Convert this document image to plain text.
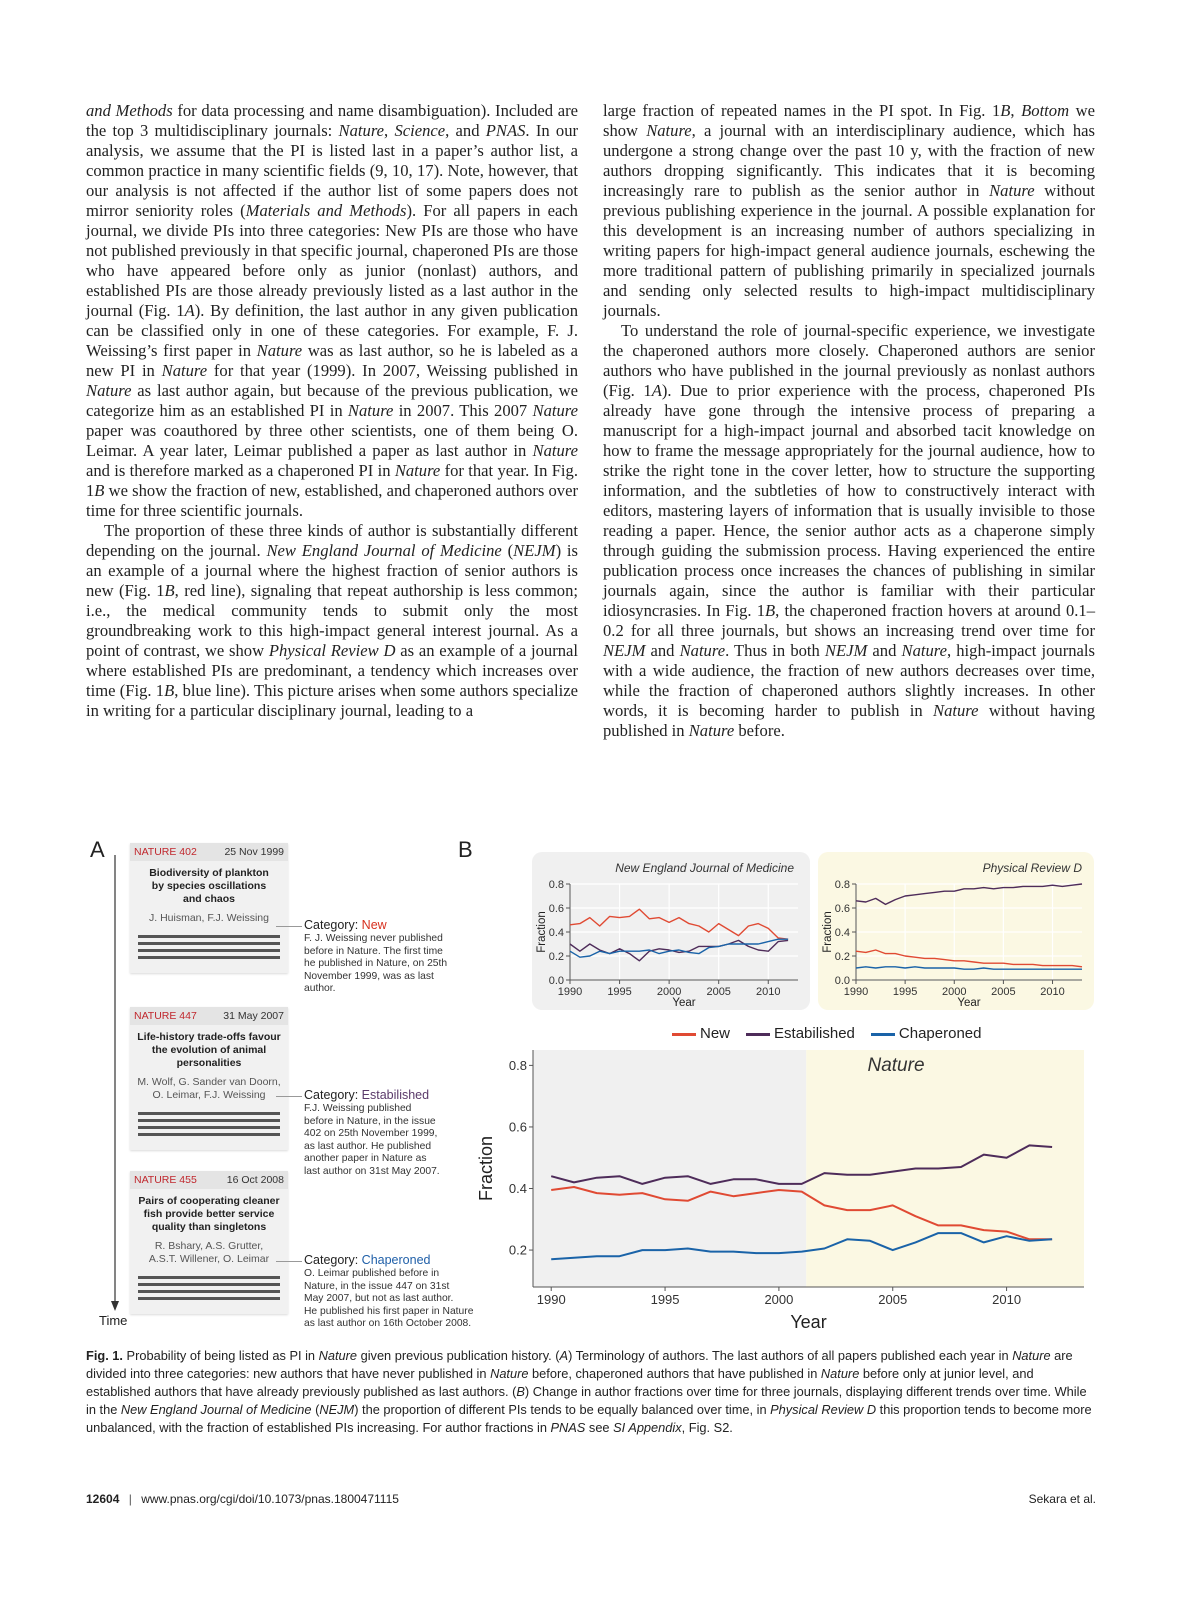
and Methods for data processing and name disambiguation). Included are the top 3 multidisciplinary journals: Nature, Science, and PNAS. In our analysis, we assume that the PI is listed last in a paper’s author list, a common practice in many scientific fields (9, 10, 17). Note, however, that our analysis is not affected if the author list of some papers does not mirror seniority roles (Materials and Methods). For all papers in each journal, we divide PIs into three categories: New PIs are those who have not published previously in that specific journal, chaperoned PIs are those who have appeared before only as junior (nonlast) authors, and established PIs are those already previously listed as a last author in the journal (Fig. 1A). By definition, the last author in any given publication can be classified only in one of these categories. For example, F. J. Weissing’s first paper in Nature was as last author, so he is labeled as a new PI in Nature for that year (1999). In 2007, Weissing published in Nature as last author again, but because of the previous publication, we categorize him as an established PI in Nature in 2007. This 2007 Nature paper was coauthored by three other scientists, one of them being O. Leimar. A year later, Leimar published a paper as last author in Nature and is therefore marked as a chaperoned PI in Nature for that year. In Fig. 1B we show the fraction of new, established, and chaperoned authors over time for three scientific journals.

The proportion of these three kinds of author is substantially different depending on the journal. New England Journal of Medicine (NEJM) is an example of a journal where the highest fraction of senior authors is new (Fig. 1B, red line), signaling that repeat authorship is less common; i.e., the medical community tends to submit only the most groundbreaking work to this high-impact general interest journal. As a point of contrast, we show Physical Review D as an example of a journal where established PIs are predominant, a tendency which increases over time (Fig. 1B, blue line). This picture arises when some authors specialize in writing for a particular disciplinary journal, leading to a

large fraction of repeated names in the PI spot. In Fig. 1B, Bottom we show Nature, a journal with an interdisciplinary audience, which has undergone a strong change over the past 10 y, with the fraction of new authors dropping significantly. This indicates that it is becoming increasingly rare to publish as the senior author in Nature without previous publishing experience in the journal. A possible explanation for this development is an increasing number of authors specializing in writing papers for high-impact general audience journals, eschewing the more traditional pattern of publishing primarily in specialized journals and sending only selected results to high-impact multidisciplinary journals.

To understand the role of journal-specific experience, we investigate the chaperoned authors more closely. Chaperoned authors are senior authors who have published in the journal previously as nonlast authors (Fig. 1A). Due to prior experience with the process, chaperoned PIs already have gone through the intensive process of preparing a manuscript for a high-impact journal and absorbed tacit knowledge on how to frame the message appropriately for the journal audience, how to strike the right tone in the cover letter, how to structure the supporting information, and the subtleties of how to constructively interact with editors, mastering layers of information that is usually invisible to those reading a paper. Hence, the senior author acts as a chaperone simply through guiding the submission process. Having experienced the entire publication process once increases the chances of publishing in similar journals again, since the author is familiar with their particular idiosyncrasies. In Fig. 1B, the chaperoned fraction hovers at around 0.1–0.2 for all three journals, but shows an increasing trend over time for NEJM and Nature. Thus in both NEJM and Nature, high-impact journals with a wide audience, the fraction of new authors decreases over time, while the fraction of chaperoned authors slightly increases. In other words, it is becoming harder to publish in Nature without having published in Nature before.

A	B
Time
NATURE 402	25 Nov 1999
Biodiversity of plankton
by species oscillations
and chaos
J. Huisman, F.J. Weissing	Category: New
F. J. Weissing never published
before in Nature. The first time
he published in Nature, on 25th
November 1999, was as last
author.
NATURE 447	31 May 2007
Life-history trade-offs favour
the evolution of animal
personalities
M. Wolf, G. Sander van Doorn,
O. Leimar, F.J. Weissing	Category: Estabilished
F.J. Weissing published
before in Nature, in the issue
402 on 25th November 1999,
as last author. He published
another paper in Nature as
last author on 31st May 2007.
NATURE 455	16 Oct 2008
Pairs of cooperating cleaner
fish provide better service
quality than singletons
R. Bshary, A.S. Grutter,
A.S.T. Willener, O. Leimar	Category: Chaperoned
O. Leimar published before in
Nature, in the issue 447 on 31st
May 2007, but not as last author.
He published his first paper in Nature
as last author on 16th October 2008.
0.0
0.2
0.4
0.6
0.8
1990 1995 2000 2005 2010
New England Journal of Medicine
Year
Fraction
0.0
0.2
0.4
0.6
0.8
1990 1995 2000 2005 2010
Physical Review D
Year
Fraction
New	Estabilished	Chaperoned
0.2
0.4
0.6
0.8
1990	1995	2000	2005	2010
Nature
Year
Fraction
Fig. 1. Probability of being listed as PI in Nature given previous publication history. (A) Terminology of authors. The last authors of all papers published each year in Nature are divided into three categories: new authors that have never published in Nature before, chaperoned authors that have published in Nature before only at junior level, and established authors that have already previously published as last authors. (B) Change in author fractions over time for three journals, displaying different trends over time. While in the New England Journal of Medicine (NEJM) the proportion of different PIs tends to be equally balanced over time, in Physical Review D this proportion tends to become more unbalanced, with the fraction of established PIs increasing. For author fractions in PNAS see SI Appendix, Fig. S2.
12604 | www.pnas.org/cgi/doi/10.1073/pnas.1800471115	Sekara et al.
